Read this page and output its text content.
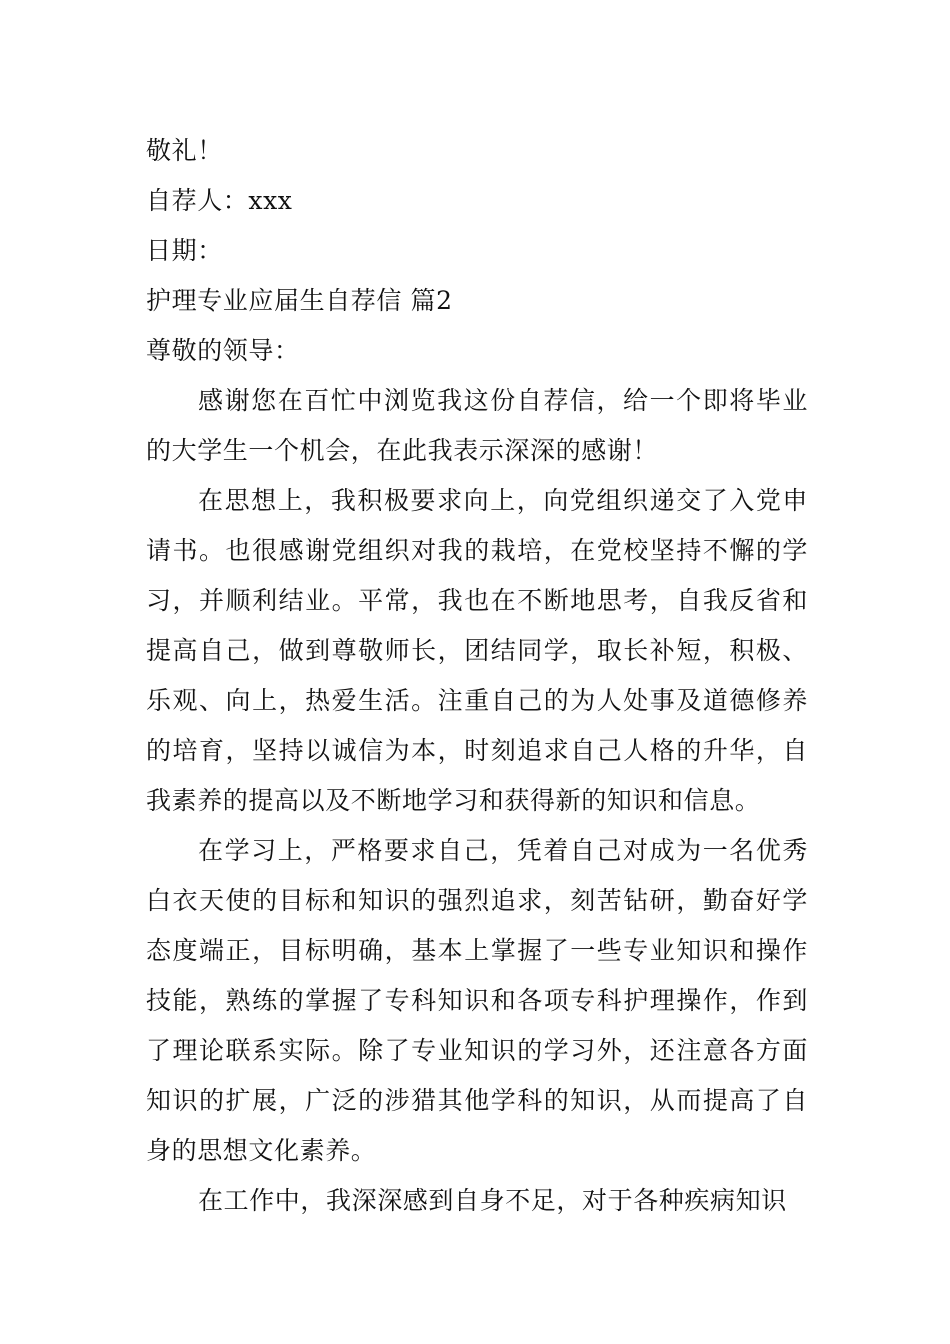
敬礼！
自荐人：xxx
日期：
护理专业应届生自荐信 篇2
尊敬的领导：
感谢您在百忙中浏览我这份自荐信，给一个即将毕业的大学生一个机会，在此我表示深深的感谢！
在思想上，我积极要求向上，向党组织递交了入党申请书。也很感谢党组织对我的栽培，在党校坚持不懈的学习，并顺利结业。平常，我也在不断地思考，自我反省和提高自己，做到尊敬师长，团结同学，取长补短，积极、乐观、向上，热爱生活。注重自己的为人处事及道德修养的培育，坚持以诚信为本，时刻追求自己人格的升华，自我素养的提高以及不断地学习和获得新的知识和信息。
在学习上，严格要求自己，凭着自己对成为一名优秀白衣天使的目标和知识的强烈追求，刻苦钻研，勤奋好学态度端正，目标明确，基本上掌握了一些专业知识和操作技能，熟练的掌握了专科知识和各项专科护理操作，作到了理论联系实际。除了专业知识的学习外，还注意各方面知识的扩展，广泛的涉猎其他学科的知识，从而提高了自身的思想文化素养。
在工作中，我深深感到自身不足，对于各种疾病知识
